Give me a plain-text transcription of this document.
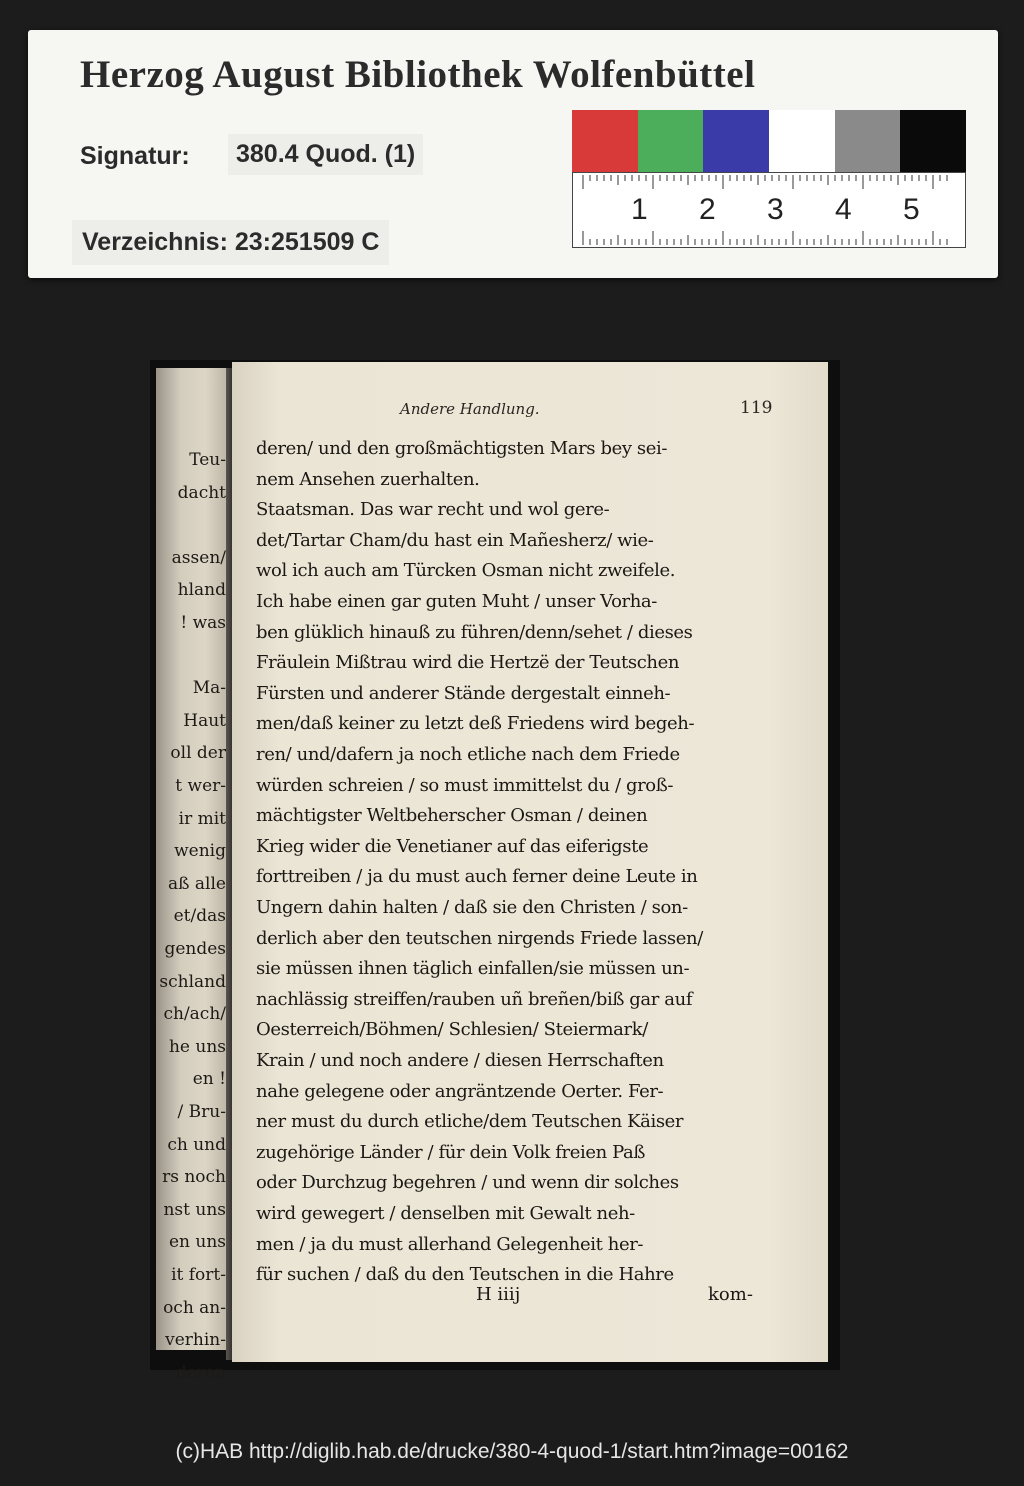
Herzog August Bibliothek Wolfenbüttel
Signatur:	380.4 Quod. (1)
Verzeichnis: 23:251509 C
1 2 3 4 5
Teu-
dacht
assen/
hland
! was
Ma-
Haut
oll der
t wer-
ir mit
wenig
aß alle
et/das
gendes
schland
ch/ach/
he uns
en !
/ Bru-
ch und
rs noch
nst uns
en uns
it fort-
och an-
verhin-
deren
Andere Handlung.	119
H iiij	kom-
deren/ und den großmächtigsten Mars bey sei-
nem Ansehen zuerhalten.
Staatsman. Das war recht und wol gere-
det/Tartar Cham/du hast ein Mañesherz/ wie-
wol ich auch am Türcken Osman nicht zweifele.
Ich habe einen gar guten Muht / unser Vorha-
ben glüklich hinauß zu führen/denn/sehet / dieses
Fräulein Mißtrau wird die Hertzë der Teutschen
Fürsten und anderer Stände dergestalt einneh-
men/daß keiner zu letzt deß Friedens wird begeh-
ren/ und/dafern ja noch etliche nach dem Friede
würden schreien / so must immittelst du / groß-
mächtigster Weltbeherscher Osman / deinen
Krieg wider die Venetianer auf das eiferigste
forttreiben / ja du must auch ferner deine Leute in
Ungern dahin halten / daß sie den Christen / son-
derlich aber den teutschen nirgends Friede lassen/
sie müssen ihnen täglich einfallen/sie müssen un-
nachlässig streiffen/rauben uñ breñen/biß gar auf
Oesterreich/Böhmen/ Schlesien/ Steiermark/
Krain / und noch andere / diesen Herrschaften
nahe gelegene oder angräntzende Oerter. Fer-
ner must du durch etliche/dem Teutschen Käiser
zugehörige Länder / für dein Volk freien Paß
oder Durchzug begehren / und wenn dir solches
wird gewegert / denselben mit Gewalt neh-
men / ja du must allerhand Gelegenheit her-
für suchen / daß du den Teutschen in die Hahre
(c)HAB http://diglib.hab.de/drucke/380-4-quod-1/start.htm?image=00162
